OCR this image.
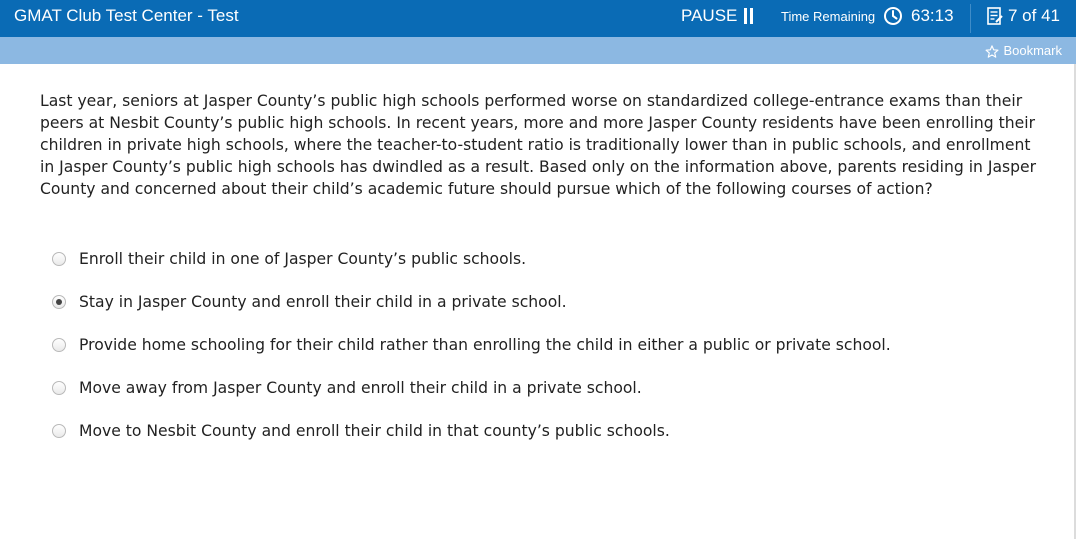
GMAT Club Test Center - Test	PAUSE	Time Remaining 63:13	7 of 41
Bookmark

Last year, seniors at Jasper County’s public high schools performed worse on standardized college-entrance exams than their peers at Nesbit County’s public high schools. In recent years, more and more Jasper County residents have been enrolling their children in private high schools, where the teacher-to-student ratio is traditionally lower than in public schools, and enrollment in Jasper County’s public high schools has dwindled as a result. Based only on the information above, parents residing in Jasper County and concerned about their child’s academic future should pursue which of the following courses of action?

Enroll their child in one of Jasper County’s public schools.
Stay in Jasper County and enroll their child in a private school.
Provide home schooling for their child rather than enrolling the child in either a public or private school.
Move away from Jasper County and enroll their child in a private school.
Move to Nesbit County and enroll their child in that county’s public schools.
